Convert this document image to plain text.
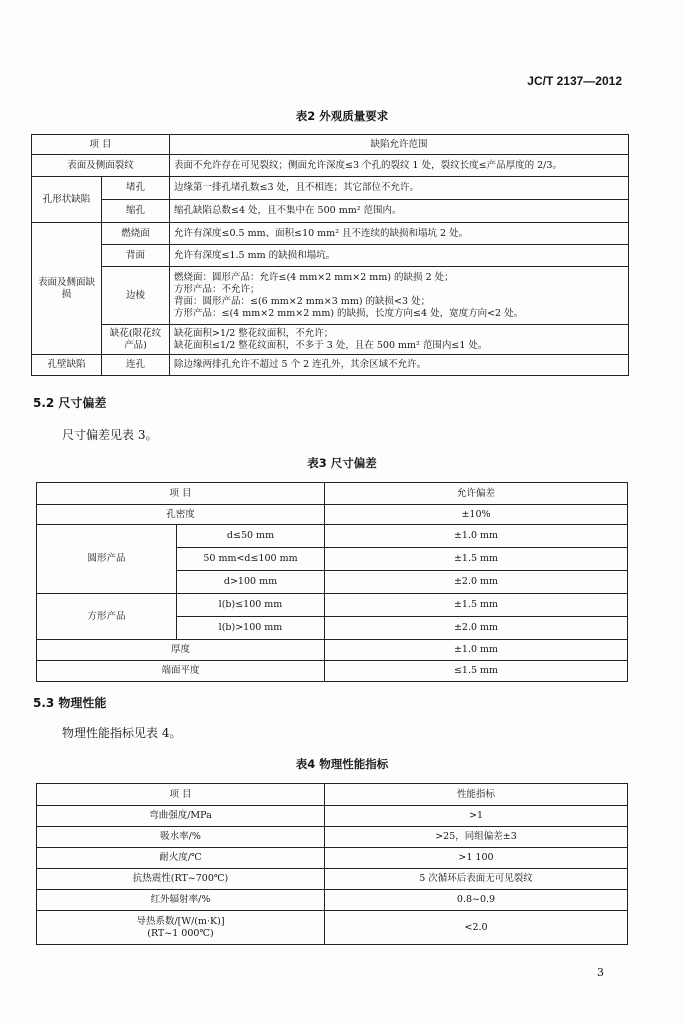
JC/T 2137—2012
表2 外观质量要求
项 目		缺陷允许范围
表面及侧面裂纹		表面不允许存在可见裂纹；侧面允许深度≤3 个孔的裂纹 1 处，裂纹长度≤产品厚度的 2/3。
孔形状缺陷	堵孔	边缘第一排孔堵孔数≤3 处，且不相连；其它部位不允许。
	缩孔	缩孔缺陷总数≤4 处，且不集中在 500 mm² 范围内。
表面及侧面缺损	燃烧面	允许有深度≤0.5 mm、面积≤10 mm² 且不连续的缺损和塌坑 2 处。
	背面	允许有深度≤1.5 mm 的缺损和塌坑。
	边棱	燃烧面：圆形产品：允许≤(4 mm×2 mm×2 mm) 的缺损 2 处；
方形产品：不允许；
背面：圆形产品：≤(6 mm×2 mm×3 mm) 的缺损<3 处；
方形产品：≤(4 mm×2 mm×2 mm) 的缺损，长度方向≤4 处，宽度方向<2 处。

	缺花(限花纹产品)	缺花面积>1/2 整花纹面积，不允许；
缺花面积≤1/2 整花纹面积，不多于 3 处，且在 500 mm² 范围内≤1 处。

孔壁缺陷	连孔	除边缘两排孔允许不超过 5 个 2 连孔外，其余区域不允许。
5.2 尺寸偏差
尺寸偏差见表 3。
表3 尺寸偏差
项 目		允许偏差
孔密度		±10%
圆形产品	d≤50 mm	±1.0 mm
	50 mm<d≤100 mm	±1.5 mm
	d>100 mm	±2.0 mm
方形产品	l(b)≤100 mm	±1.5 mm
	l(b)>100 mm	±2.0 mm
厚度		±1.0 mm
端面平度		≤1.5 mm
5.3 物理性能
物理性能指标见表 4。
表4 物理性能指标
项 目	性能指标
弯曲强度/MPa	>1
吸水率/%	>25，同组偏差±3
耐火度/℃	>1 100
抗热震性(RT~700℃)	5 次循环后表面无可见裂纹
红外辐射率/%	0.8~0.9

导热系数/[W/(m·K)]
(RT~1 000℃)	<2.0
3
